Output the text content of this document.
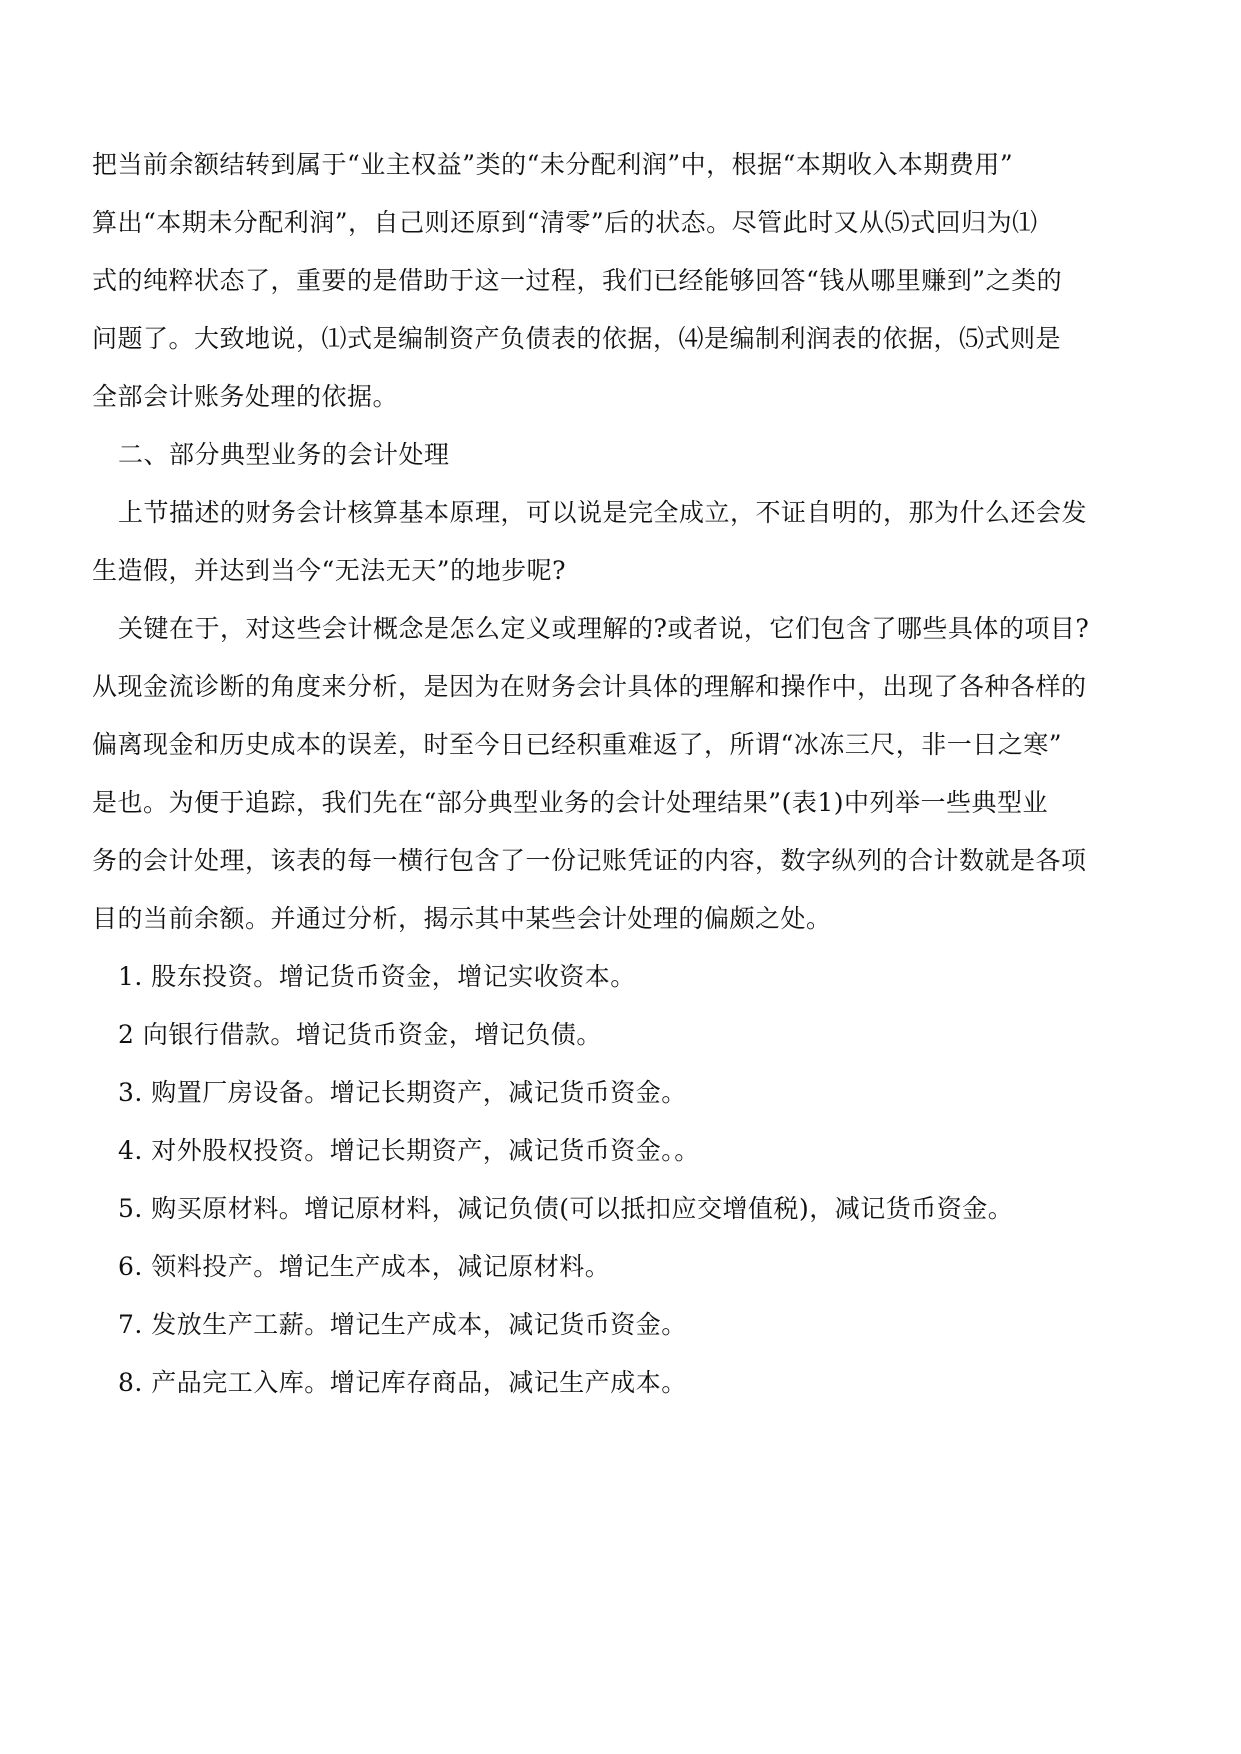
把当前余额结转到属于“业主权益”类的“未分配利润”中，根据“本期收入本期费用”
算出“本期未分配利润”，自己则还原到“清零”后的状态。尽管此时又从⑸式回归为⑴
式的纯粹状态了，重要的是借助于这一过程，我们已经能够回答“钱从哪里赚到”之类的
问题了。大致地说，⑴式是编制资产负债表的依据，⑷是编制利润表的依据，⑸式则是
全部会计账务处理的依据。
二、部分典型业务的会计处理
上节描述的财务会计核算基本原理，可以说是完全成立，不证自明的，那为什么还会发
生造假，并达到当今“无法无天”的地步呢?
关键在于，对这些会计概念是怎么定义或理解的?或者说，它们包含了哪些具体的项目?
从现金流诊断的角度来分析，是因为在财务会计具体的理解和操作中，出现了各种各样的
偏离现金和历史成本的误差，时至今日已经积重难返了，所谓“冰冻三尺，非一日之寒”
是也。为便于追踪，我们先在“部分典型业务的会计处理结果”(表1)中列举一些典型业
务的会计处理，该表的每一横行包含了一份记账凭证的内容，数字纵列的合计数就是各项
目的当前余额。并通过分析，揭示其中某些会计处理的偏颇之处。
1. 股东投资。增记货币资金，增记实收资本。
2 向银行借款。增记货币资金，增记负债。
3. 购置厂房设备。增记长期资产，减记货币资金。
4. 对外股权投资。增记长期资产，减记货币资金。。
5. 购买原材料。增记原材料，减记负债(可以抵扣应交增值税)，减记货币资金。
6. 领料投产。增记生产成本，减记原材料。
7. 发放生产工薪。增记生产成本，减记货币资金。
8. 产品完工入库。增记库存商品，减记生产成本。
